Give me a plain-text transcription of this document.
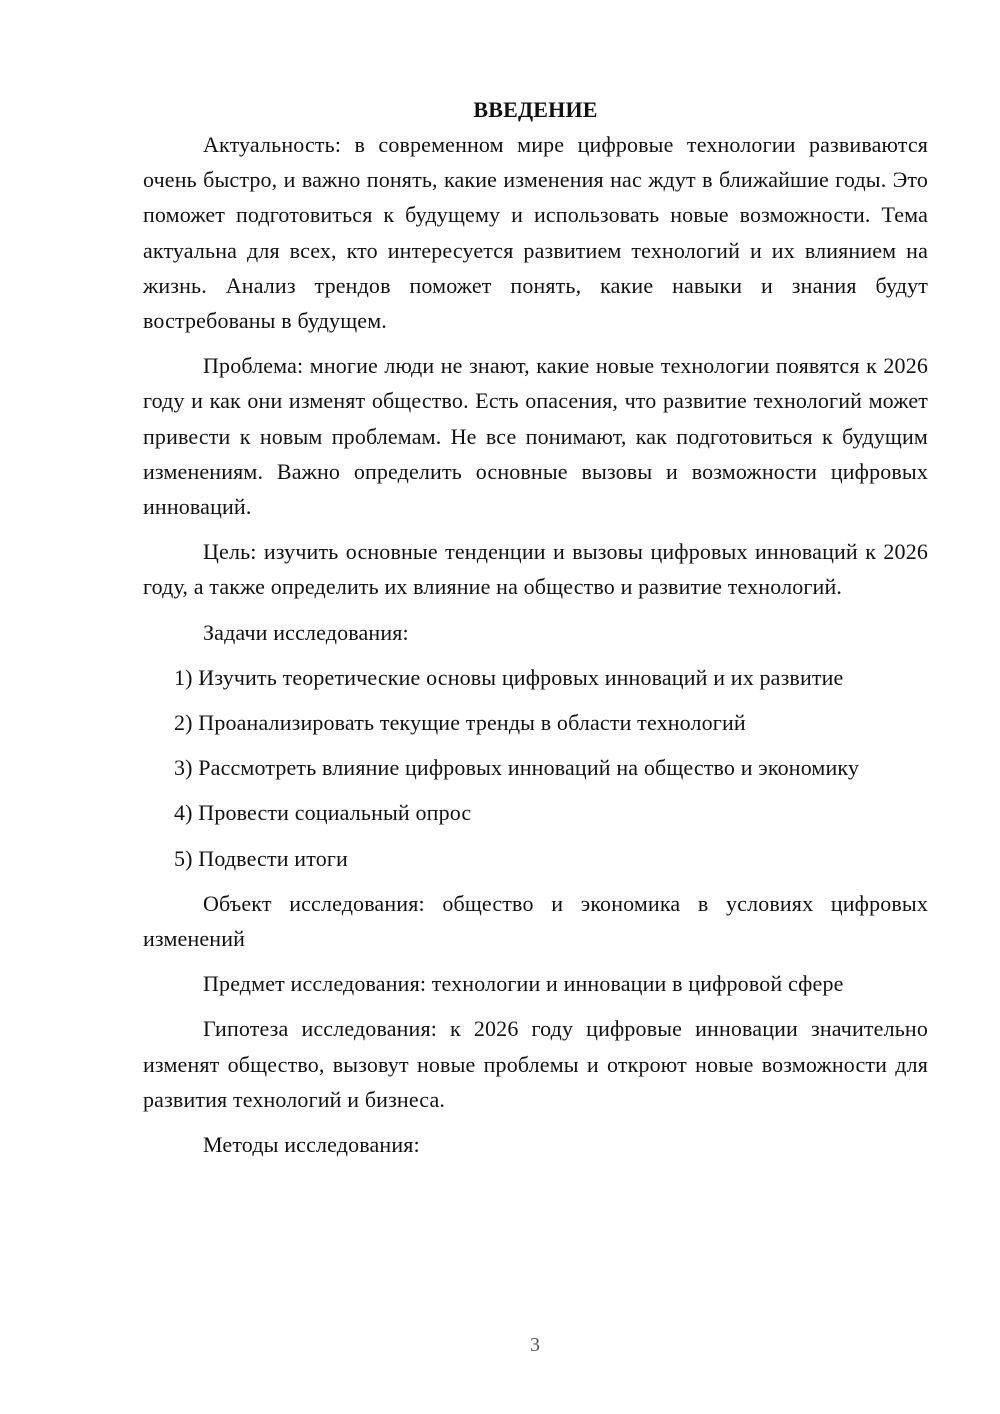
ВВЕДЕНИЕ

Актуальность: в современном мире цифровые технологии развиваются очень быстро, и важно понять, какие изменения нас ждут в ближайшие годы. Это поможет подготовиться к будущему и использовать новые возможности. Тема актуальна для всех, кто интересуется развитием технологий и их влиянием на жизнь. Анализ трендов поможет понять, какие навыки и знания будут востребованы в будущем.

Проблема: многие люди не знают, какие новые технологии появятся к 2026 году и как они изменят общество. Есть опасения, что развитие технологий может привести к новым проблемам. Не все понимают, как подготовиться к будущим изменениям. Важно определить основные вызовы и возможности цифровых инноваций.

Цель: изучить основные тенденции и вызовы цифровых инноваций к 2026 году, а также определить их влияние на общество и развитие технологий.

Задачи исследования:

1) Изучить теоретические основы цифровых инноваций и их развитие

2) Проанализировать текущие тренды в области технологий

3) Рассмотреть влияние цифровых инноваций на общество и экономику

4) Провести социальный опрос

5) Подвести итоги

Объект исследования: общество и экономика в условиях цифровых изменений

Предмет исследования: технологии и инновации в цифровой сфере

Гипотеза исследования: к 2026 году цифровые инновации значительно изменят общество, вызовут новые проблемы и откроют новые возможности для развития технологий и бизнеса.

Методы исследования:

3
